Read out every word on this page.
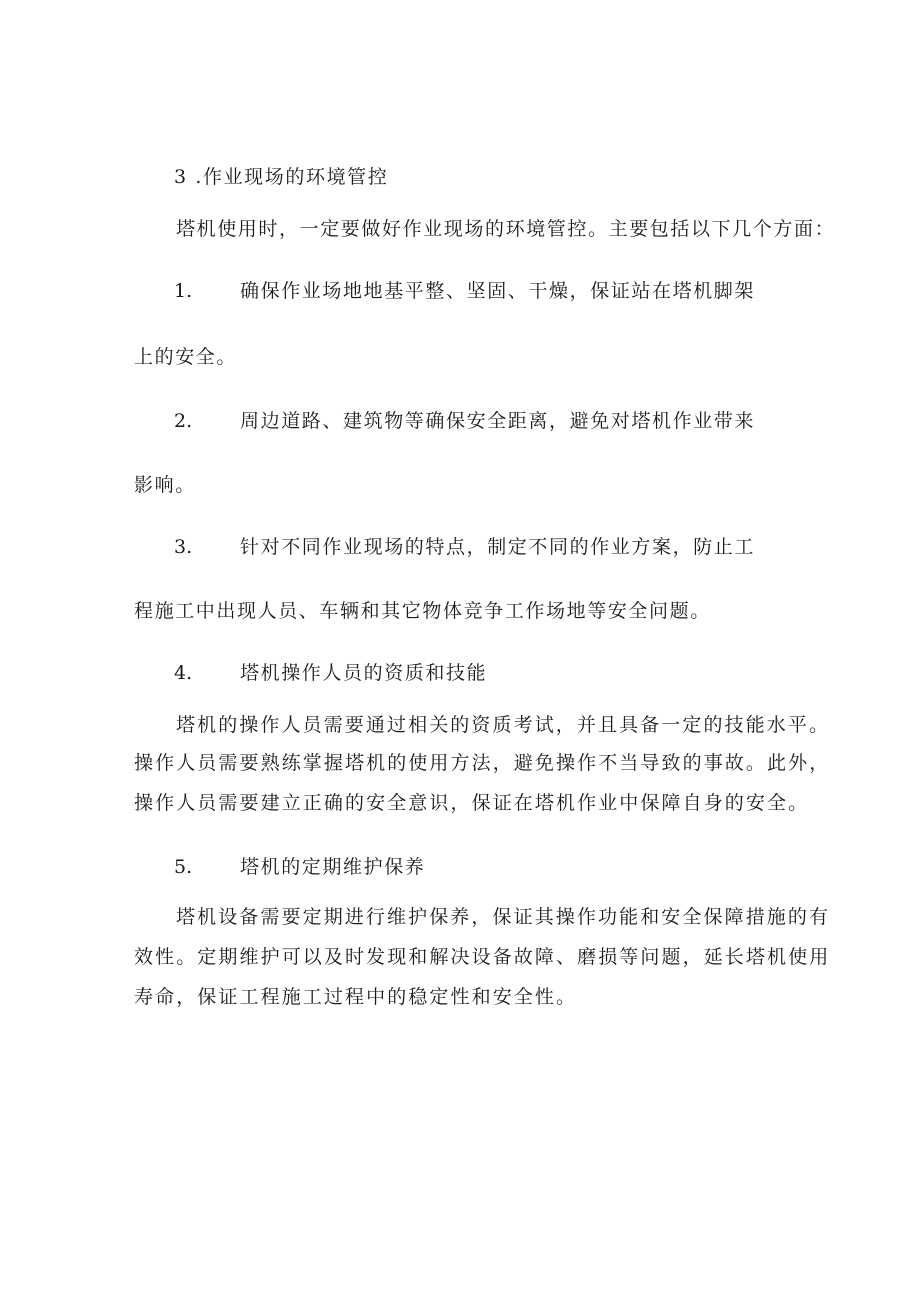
3 .作业现场的环境管控
塔机使用时，一定要做好作业现场的环境管控。主要包括以下几个方面：
1.	确保作业场地地基平整、坚固、干燥，保证站在塔机脚架
上的安全。
2.	周边道路、建筑物等确保安全距离，避免对塔机作业带来
影响。
3.	针对不同作业现场的特点，制定不同的作业方案，防止工
程施工中出现人员、车辆和其它物体竞争工作场地等安全问题。
4.	塔机操作人员的资质和技能
塔机的操作人员需要通过相关的资质考试，并且具备一定的技能水平。
操作人员需要熟练掌握塔机的使用方法，避免操作不当导致的事故。此外，
操作人员需要建立正确的安全意识，保证在塔机作业中保障自身的安全。
5.	塔机的定期维护保养
塔机设备需要定期进行维护保养，保证其操作功能和安全保障措施的有
效性。定期维护可以及时发现和解决设备故障、磨损等问题，延长塔机使用
寿命，保证工程施工过程中的稳定性和安全性。
